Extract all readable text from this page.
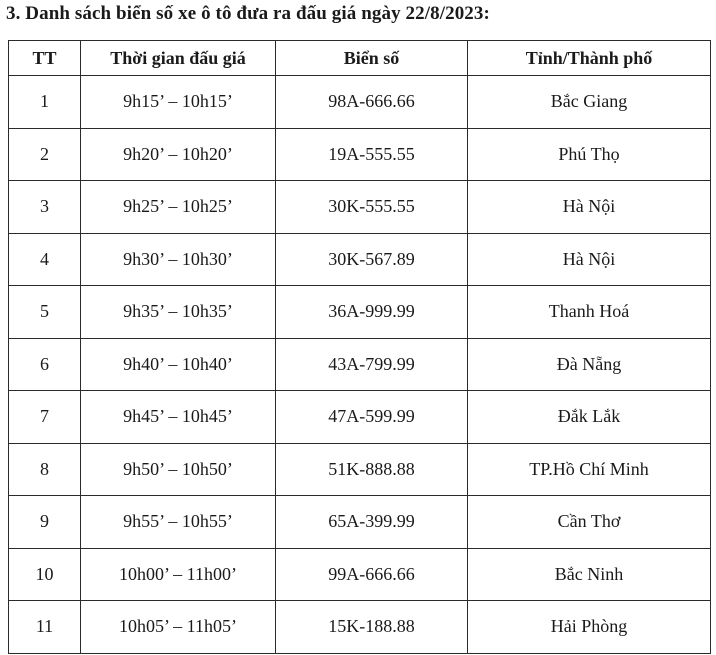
3. Danh sách biển số xe ô tô đưa ra đấu giá ngày 22/8/2023:
TT	Thời gian đấu giá	Biển số	Tỉnh/Thành phố
1	9h15’ – 10h15’	98A-666.66	Bắc Giang
2	9h20’ – 10h20’	19A-555.55	Phú Thọ
3	9h25’ – 10h25’	30K-555.55	Hà Nội
4	9h30’ – 10h30’	30K-567.89	Hà Nội
5	9h35’ – 10h35’	36A-999.99	Thanh Hoá
6	9h40’ – 10h40’	43A-799.99	Đà Nẵng
7	9h45’ – 10h45’	47A-599.99	Đắk Lắk
8	9h50’ – 10h50’	51K-888.88	TP.Hồ Chí Minh
9	9h55’ – 10h55’	65A-399.99	Cần Thơ
10	10h00’ – 11h00’	99A-666.66	Bắc Ninh
11	10h05’ – 11h05’	15K-188.88	Hải Phòng
